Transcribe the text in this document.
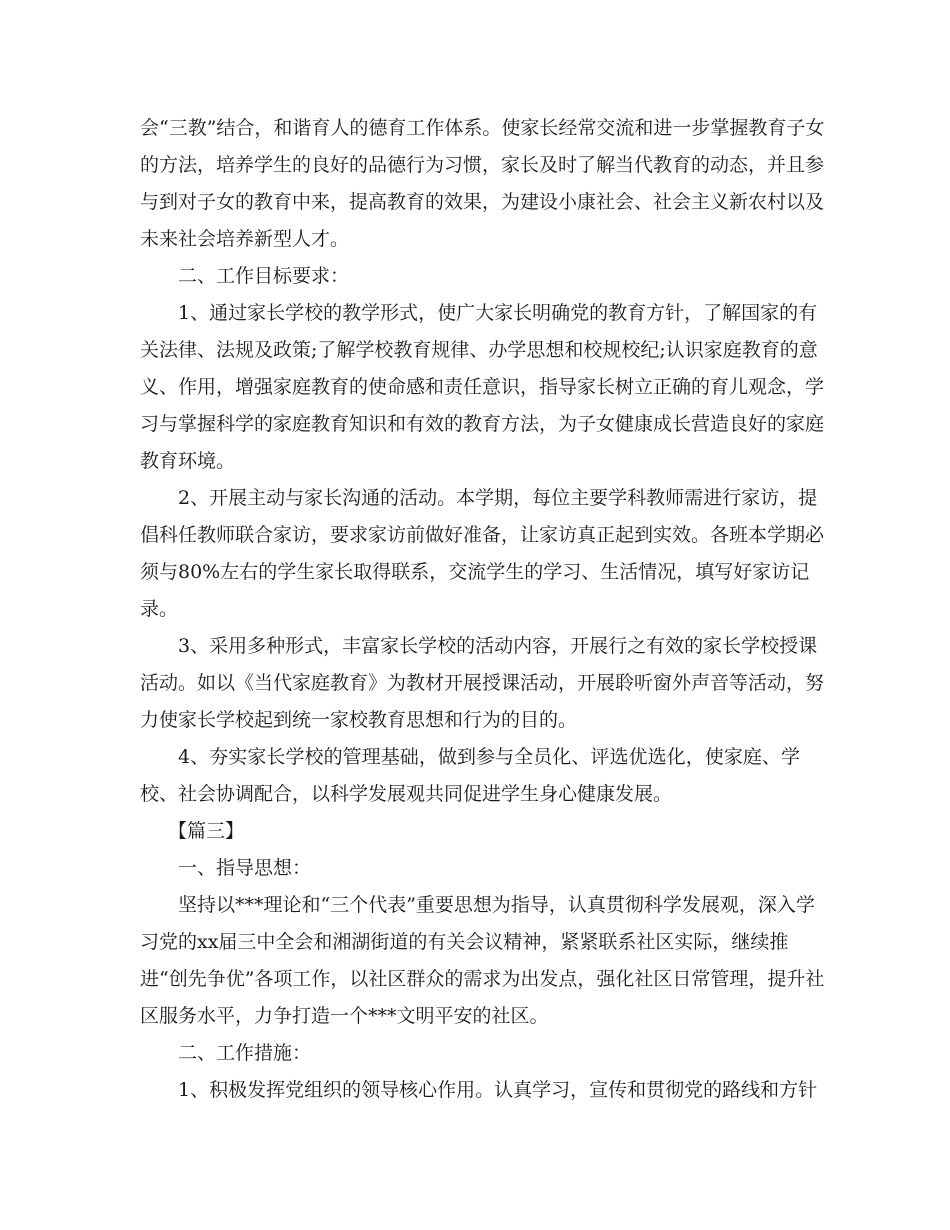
会“三教”结合，和谐育人的德育工作体系。使家长经常交流和进一步掌握教育子女
的方法，培养学生的良好的品德行为习惯，家长及时了解当代教育的动态，并且参
与到对子女的教育中来，提高教育的效果，为建设小康社会、社会主义新农村以及
未来社会培养新型人才。
二、工作目标要求：
1、通过家长学校的教学形式，使广大家长明确党的教育方针，了解国家的有
关法律、法规及政策;了解学校教育规律、办学思想和校规校纪;认识家庭教育的意
义、作用，增强家庭教育的使命感和责任意识，指导家长树立正确的育儿观念，学
习与掌握科学的家庭教育知识和有效的教育方法，为子女健康成长营造良好的家庭
教育环境。
2、开展主动与家长沟通的活动。本学期，每位主要学科教师需进行家访，提
倡科任教师联合家访，要求家访前做好准备，让家访真正起到实效。各班本学期必
须与80%左右的学生家长取得联系，交流学生的学习、生活情况，填写好家访记
录。
3、采用多种形式，丰富家长学校的活动内容，开展行之有效的家长学校授课
活动。如以《当代家庭教育》为教材开展授课活动，开展聆听窗外声音等活动，努
力使家长学校起到统一家校教育思想和行为的目的。
4、夯实家长学校的管理基础，做到参与全员化、评选优选化，使家庭、学
校、社会协调配合，以科学发展观共同促进学生身心健康发展。
【篇三】
一、指导思想：
坚持以***理论和“三个代表”重要思想为指导，认真贯彻科学发展观，深入学
习党的xx届三中全会和湘湖街道的有关会议精神，紧紧联系社区实际，继续推
进“创先争优”各项工作，以社区群众的需求为出发点，强化社区日常管理，提升社
区服务水平，力争打造一个***文明平安的社区。
二、工作措施：
1、积极发挥党组织的领导核心作用。认真学习，宣传和贯彻党的路线和方针
